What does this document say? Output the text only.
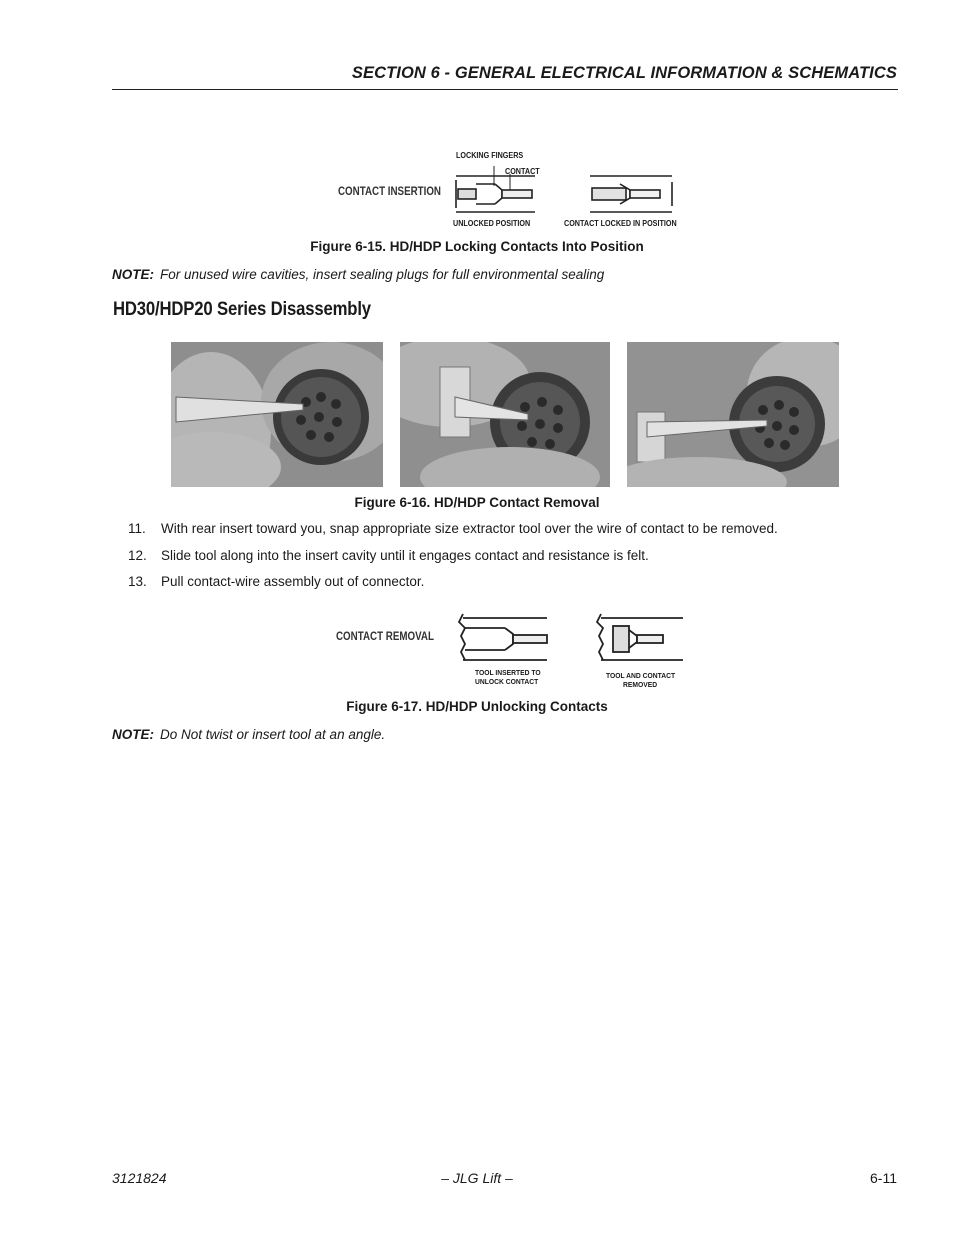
SECTION 6 - GENERAL ELECTRICAL INFORMATION & SCHEMATICS
CONTACT INSERTION
LOCKING FINGERS
CONTACT
UNLOCKED POSITION	CONTACT LOCKED IN POSITION
Figure 6-15. HD/HDP Locking Contacts Into Position
NOTE: For unused wire cavities, insert sealing plugs for full environmental sealing
HD30/HDP20 Series Disassembly
Figure 6-16. HD/HDP Contact Removal
11. With rear insert toward you, snap appropriate size extractor tool over the wire of contact to be removed.
12. Slide tool along into the insert cavity until it engages contact and resistance is felt.
13. Pull contact-wire assembly out of connector.
CONTACT REMOVAL
TOOL INSERTED TO
UNLOCK CONTACT
TOOL AND CONTACT
REMOVED
Figure 6-17. HD/HDP Unlocking Contacts
NOTE: Do Not twist or insert tool at an angle.
3121824	– JLG Lift –	6-11
